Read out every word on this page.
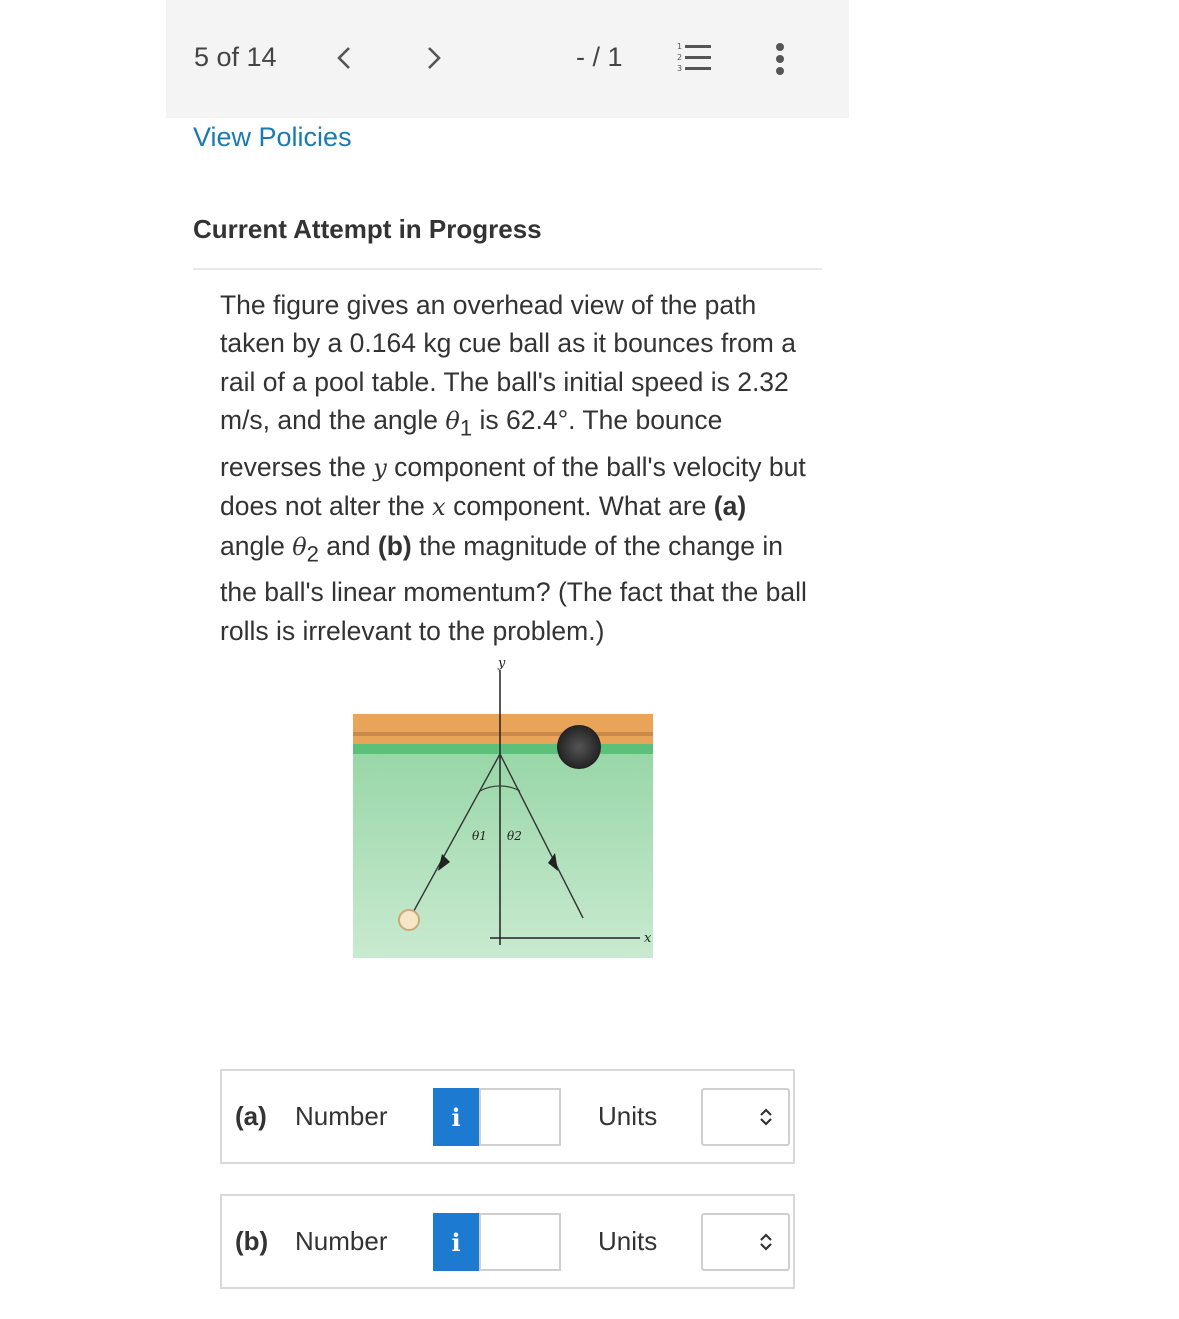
5 of 14	- / 1	1
2
3
View Policies
Current Attempt in Progress
The figure gives an overhead view of the path taken by a 0.164 kg cue ball as it bounces from a rail of a pool table. The ball's initial speed is 2.32 m/s, and the angle $\theta_1$ is 62.4°. The bounce reverses the y component of the ball's velocity but does not alter the x component. What are (a) angle $\theta_2$ and (b) the magnitude of the change in the ball's linear momentum? (The fact that the ball rolls is irrelevant to the problem.)
y
x
θ1 θ2
(a) Number	i	Units
(b) Number	i	Units
